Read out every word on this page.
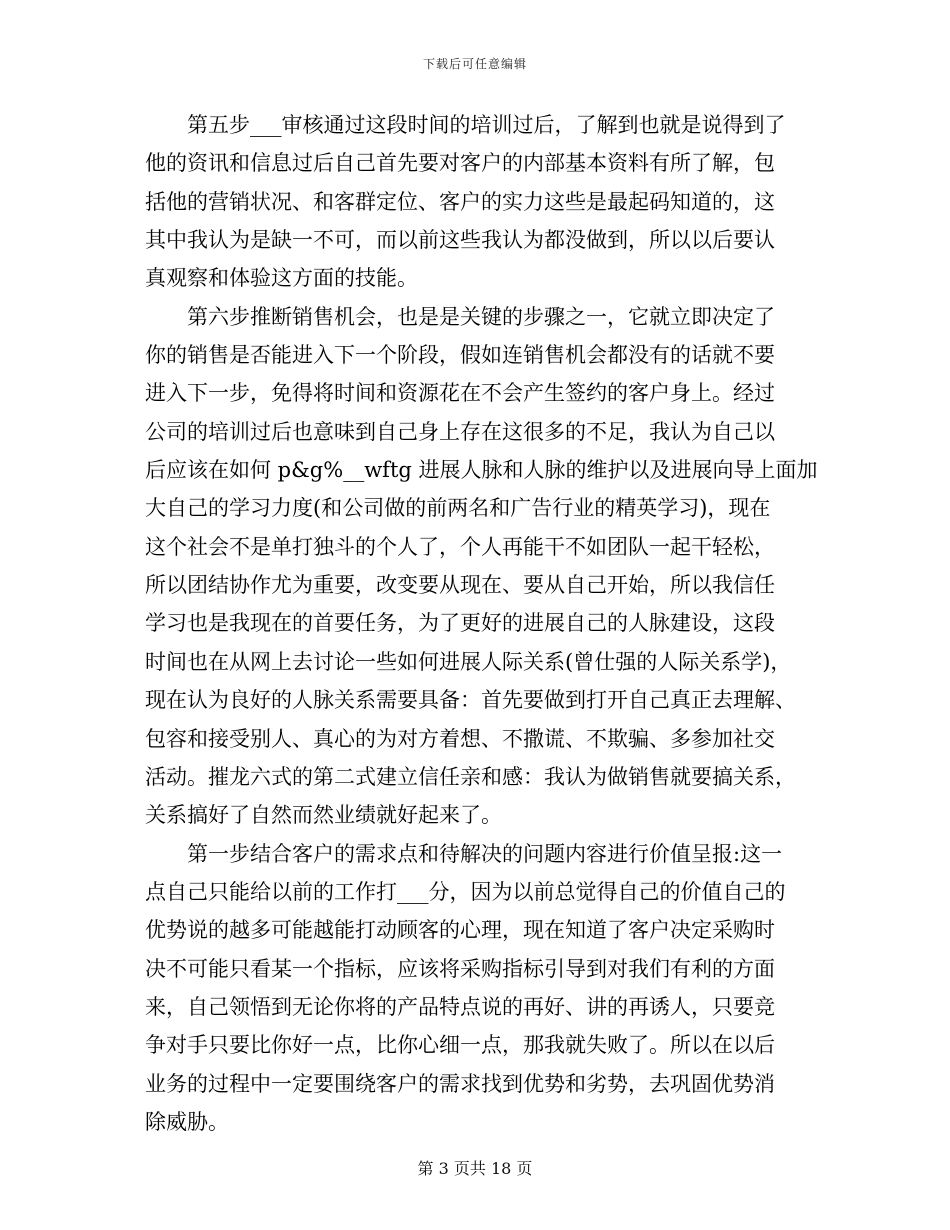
下载后可任意编辑
第五步___审核通过这段时间的培训过后，了解到也就是说得到了
他的资讯和信息过后自己首先要对客户的内部基本资料有所了解，包
括他的营销状况、和客群定位、客户的实力这些是最起码知道的，这
其中我认为是缺一不可，而以前这些我认为都没做到，所以以后要认
真观察和体验这方面的技能。
第六步推断销售机会，也是是关键的步骤之一，它就立即决定了
你的销售是否能进入下一个阶段，假如连销售机会都没有的话就不要
进入下一步，免得将时间和资源花在不会产生签约的客户身上。经过
公司的培训过后也意味到自己身上存在这很多的不足，我认为自己以
后应该在如何 p&g%__wftg 进展人脉和人脉的维护以及进展向导上面加
大自己的学习力度(和公司做的前两名和广告行业的精英学习)，现在
这个社会不是单打独斗的个人了，个人再能干不如团队一起干轻松，
所以团结协作尤为重要，改变要从现在、要从自己开始，所以我信任
学习也是我现在的首要任务，为了更好的进展自己的人脉建设，这段
时间也在从网上去讨论一些如何进展人际关系(曾仕强的人际关系学)，
现在认为良好的人脉关系需要具备：首先要做到打开自己真正去理解、
包容和接受别人、真心的为对方着想、不撒谎、不欺骗、多参加社交
活动。摧龙六式的第二式建立信任亲和感：我认为做销售就要搞关系，
关系搞好了自然而然业绩就好起来了。
第一步结合客户的需求点和待解决的问题内容进行价值呈报:这一
点自己只能给以前的工作打___分，因为以前总觉得自己的价值自己的
优势说的越多可能越能打动顾客的心理，现在知道了客户决定采购时
决不可能只看某一个指标，应该将采购指标引导到对我们有利的方面
来，自己领悟到无论你将的产品特点说的再好、讲的再诱人，只要竞
争对手只要比你好一点，比你心细一点，那我就失败了。所以在以后
业务的过程中一定要围绕客户的需求找到优势和劣势，去巩固优势消
除威胁。
第 3 页共 18 页
